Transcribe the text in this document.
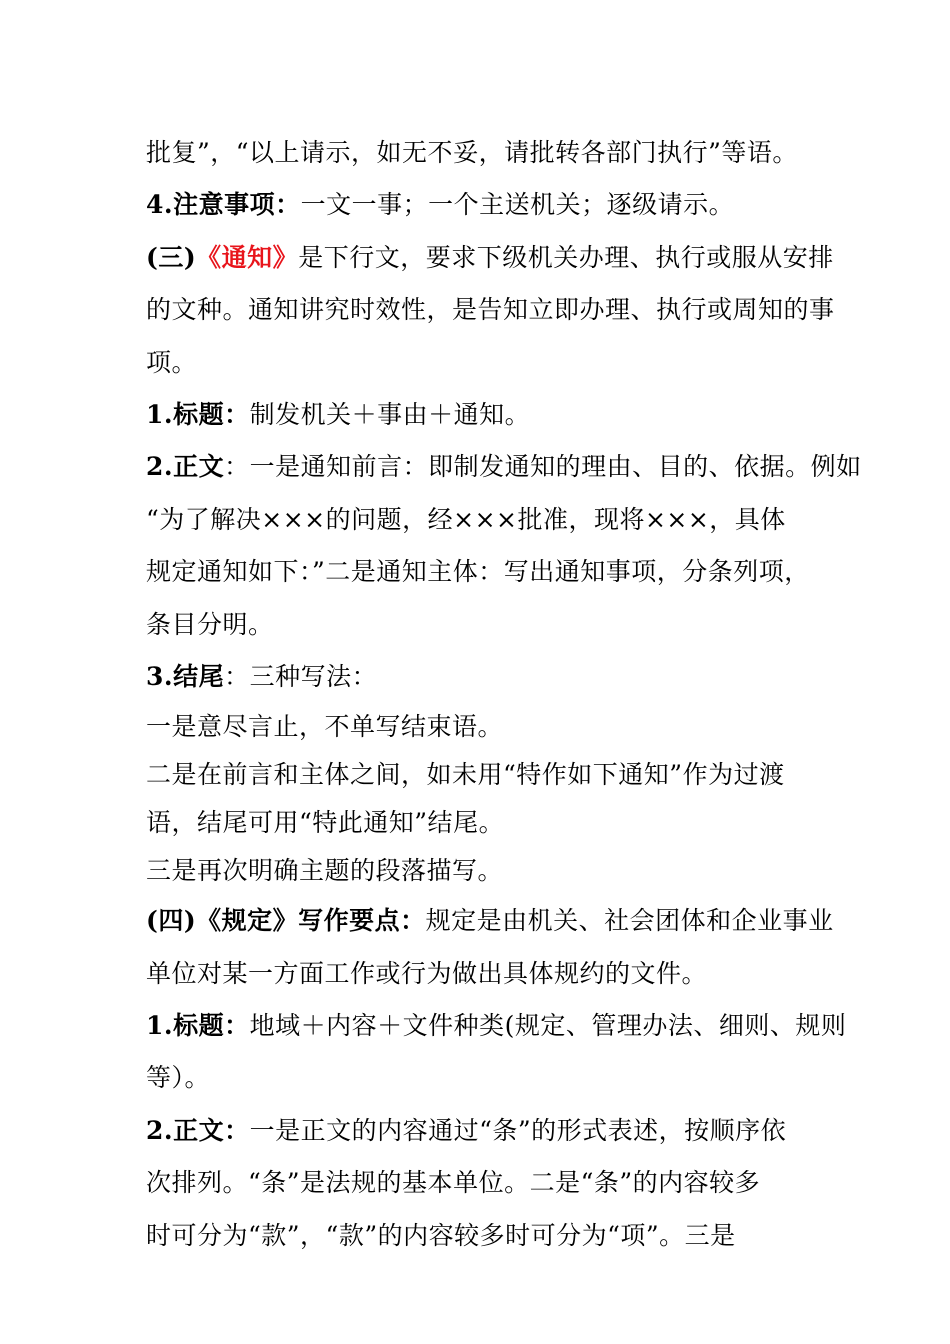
批复”，“以上请示，如无不妥，请批转各部门执行”等语。
4.注意事项：一文一事；一个主送机关；逐级请示。
(三)《通知》是下行文，要求下级机关办理、执行或服从安排
的文种。通知讲究时效性，是告知立即办理、执行或周知的事
项。
1.标题：制发机关＋事由＋通知。
2.正文：一是通知前言：即制发通知的理由、目的、依据。例如
“为了解决×××的问题，经×××批准，现将×××，具体
规定通知如下：”二是通知主体：写出通知事项，分条列项，
条目分明。
3.结尾：三种写法：
一是意尽言止，不单写结束语。
二是在前言和主体之间，如未用“特作如下通知”作为过渡
语，结尾可用“特此通知”结尾。
三是再次明确主题的段落描写。
(四)《规定》写作要点：规定是由机关、社会团体和企业事业
单位对某一方面工作或行为做出具体规约的文件。
1.标题：地域＋内容＋文件种类(规定、管理办法、细则、规则
等）。
2.正文：一是正文的内容通过“条”的形式表述，按顺序依
次排列。“条”是法规的基本单位。二是“条”的内容较多
时可分为“款”，“款”的内容较多时可分为“项”。三是
